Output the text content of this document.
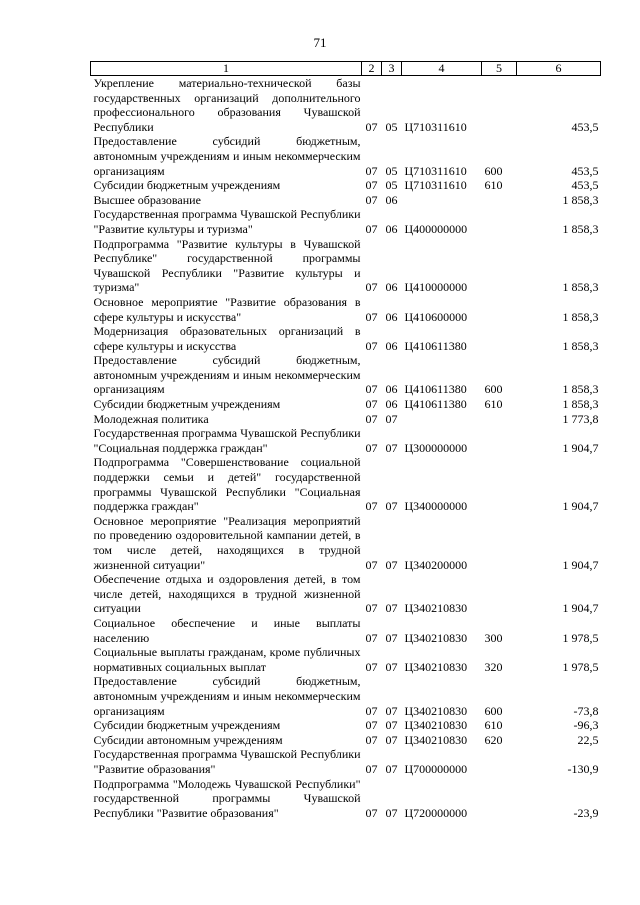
71
1	2	3	4	5	6
Укрепление материально-технической базы государственных организаций дополнительного профессионального образования Чувашской Республики	07	05	Ц710311610		453,5
Предоставление субсидий бюджетным, автономным учреждениям и иным некоммерческим организациям	07	05	Ц710311610	600	453,5
Субсидии бюджетным учреждениям	07	05	Ц710311610	610	453,5
Высшее образование	07	06			1 858,3
Государственная программа Чувашской Республики "Развитие культуры и туризма"	07	06	Ц400000000		1 858,3
Подпрограмма "Развитие культуры в Чувашской Республике" государственной программы Чувашской Республики "Развитие культуры и туризма"	07	06	Ц410000000		1 858,3
Основное мероприятие "Развитие образования в сфере культуры и искусства"	07	06	Ц410600000		1 858,3
Модернизация образовательных организаций в сфере культуры и искусства	07	06	Ц410611380		1 858,3
Предоставление субсидий бюджетным, автономным учреждениям и иным некоммерческим организациям	07	06	Ц410611380	600	1 858,3
Субсидии бюджетным учреждениям	07	06	Ц410611380	610	1 858,3
Молодежная политика	07	07			1 773,8
Государственная программа Чувашской Республики "Социальная поддержка граждан"	07	07	Ц300000000		1 904,7
Подпрограмма "Совершенствование социальной поддержки семьи и детей" государственной программы Чувашской Республики "Социальная поддержка граждан"	07	07	Ц340000000		1 904,7
Основное мероприятие "Реализация мероприятий по проведению оздоровительной кампании детей, в том числе детей, находящихся в трудной жизненной ситуации"	07	07	Ц340200000		1 904,7
Обеспечение отдыха и оздоровления детей, в том числе детей, находящихся в трудной жизненной ситуации	07	07	Ц340210830		1 904,7
Социальное обеспечение и иные выплаты населению	07	07	Ц340210830	300	1 978,5
Социальные выплаты гражданам, кроме публичных нормативных социальных выплат	07	07	Ц340210830	320	1 978,5
Предоставление субсидий бюджетным, автономным учреждениям и иным некоммерческим организациям	07	07	Ц340210830	600	-73,8
Субсидии бюджетным учреждениям	07	07	Ц340210830	610	-96,3
Субсидии автономным учреждениям	07	07	Ц340210830	620	22,5
Государственная программа Чувашской Республики "Развитие образования"	07	07	Ц700000000		-130,9
Подпрограмма "Молодежь Чувашской Республики" государственной программы Чувашской Республики "Развитие образования"	07	07	Ц720000000		-23,9
